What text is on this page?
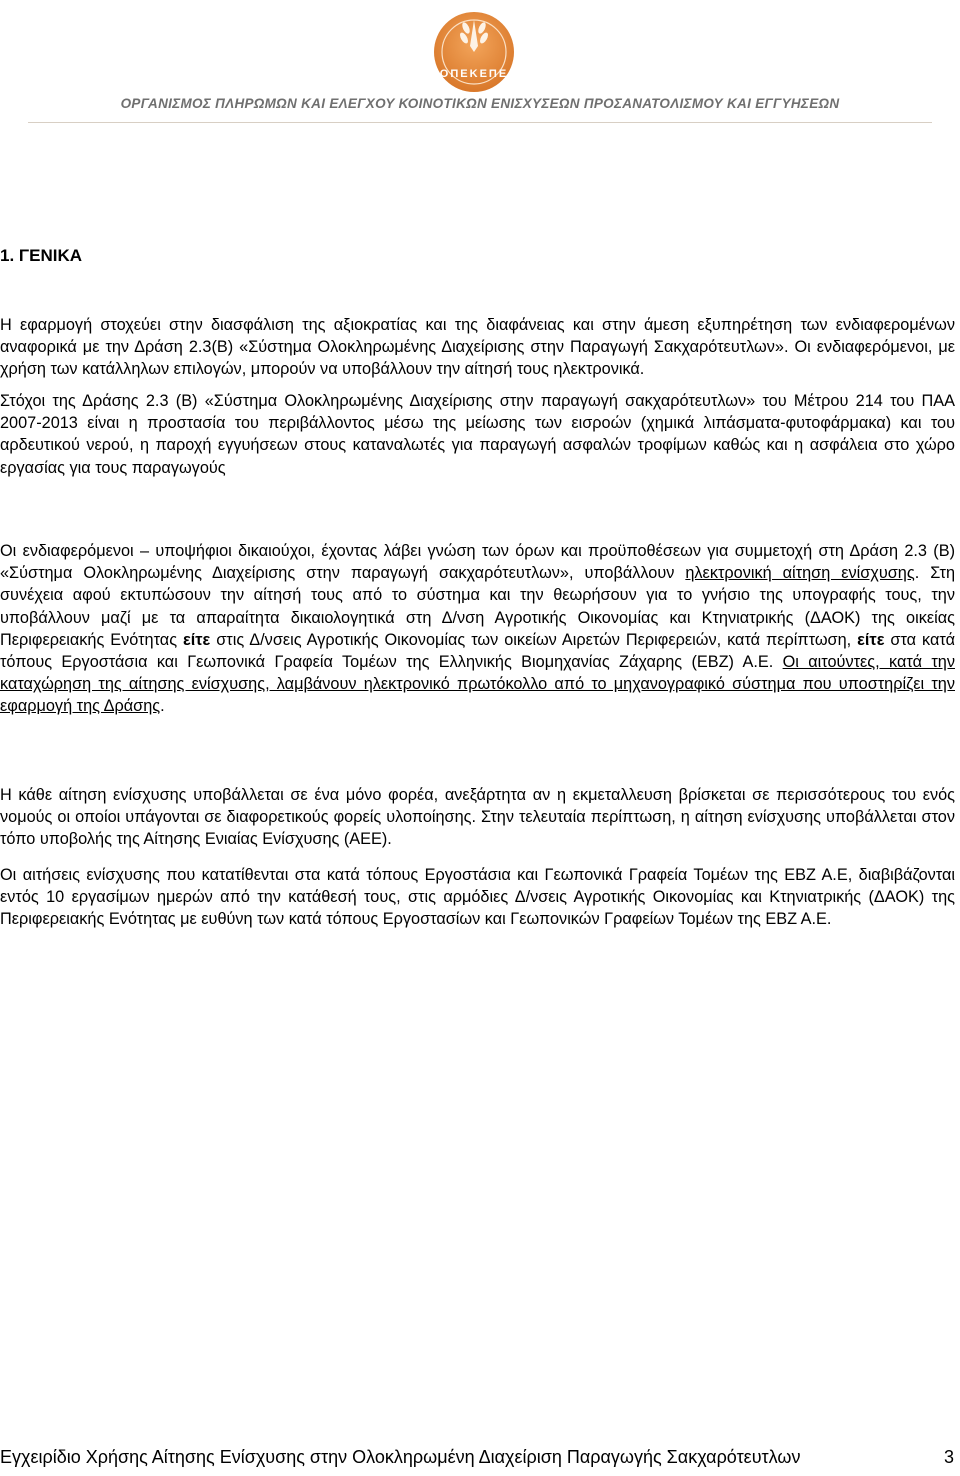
ΟΠΕΚΕΠΕ
ΟΡΓΑΝΙΣΜΟΣ ΠΛΗΡΩΜΩΝ ΚΑΙ ΕΛΕΓΧΟΥ ΚΟΙΝΟΤΙΚΩΝ ΕΝΙΣΧΥΣΕΩΝ ΠΡΟΣΑΝΑΤΟΛΙΣΜΟΥ ΚΑΙ ΕΓΓΥΗΣΕΩΝ
1. ΓΕΝΙΚΑ

Η εφαρμογή στοχεύει στην διασφάλιση της αξιοκρατίας και της διαφάνειας και στην άμεση εξυπηρέτηση των ενδιαφερομένων αναφορικά με την Δράση 2.3(Β) «Σύστημα Ολοκληρωμένης Διαχείρισης στην Παραγωγή Σακχαρότευτλων». Οι ενδιαφερόμενοι, με χρήση των κατάλληλων επιλογών, μπορούν να υποβάλλουν την αίτησή τους ηλεκτρονικά.

Στόχοι της Δράσης 2.3 (Β) «Σύστημα Ολοκληρωμένης Διαχείρισης στην παραγωγή σακχαρότευτλων» του Μέτρου 214 του ΠΑΑ 2007-2013 είναι η προστασία του περιβάλλοντος μέσω της μείωσης των εισροών (χημικά λιπάσματα-φυτοφάρμακα) και του αρδευτικού νερού, η παροχή εγγυήσεων στους καταναλωτές για παραγωγή ασφαλών τροφίμων καθώς και η ασφάλεια στο χώρο εργασίας για τους παραγωγούς

Οι ενδιαφερόμενοι – υποψήφιοι δικαιούχοι, έχοντας λάβει γνώση των όρων και προϋποθέσεων για συμμετοχή στη Δράση 2.3 (Β) «Σύστημα Ολοκληρωμένης Διαχείρισης στην παραγωγή σακχαρότευτλων», υποβάλλουν ηλεκτρονική αίτηση ενίσχυσης. Στη συνέχεια αφού εκτυπώσουν την αίτησή τους από το σύστημα και την θεωρήσουν για το γνήσιο της υπογραφής τους, την υποβάλλουν μαζί με τα απαραίτητα δικαιολογητικά στη Δ/νση Αγροτικής Οικονομίας και Κτηνιατρικής (ΔΑΟΚ) της οικείας Περιφερειακής Ενότητας είτε στις Δ/νσεις Αγροτικής Οικονομίας των οικείων Αιρετών Περιφερειών, κατά περίπτωση, είτε στα κατά τόπους Εργοστάσια και Γεωπονικά Γραφεία Τομέων της Ελληνικής Βιομηχανίας Ζάχαρης (ΕΒΖ) Α.Ε. Οι αιτούντες, κατά την καταχώρηση της αίτησης ενίσχυσης, λαμβάνουν ηλεκτρονικό πρωτόκολλο από το μηχανογραφικό σύστημα που υποστηρίζει την εφαρμογή της Δράσης.

Η κάθε αίτηση ενίσχυσης υποβάλλεται σε ένα μόνο φορέα, ανεξάρτητα αν η εκμεταλλευση βρίσκεται σε περισσότερους του ενός νομούς οι οποίοι υπάγονται σε διαφορετικούς φορείς υλοποίησης. Στην τελευταία περίπτωση, η αίτηση ενίσχυσης υποβάλλεται στον τόπο υποβολής της Αίτησης Ενιαίας Ενίσχυσης (ΑΕΕ).

Οι αιτήσεις ενίσχυσης που κατατίθενται στα κατά τόπους Εργοστάσια και Γεωπονικά Γραφεία Τομέων της ΕΒΖ Α.Ε, διαβιβάζονται εντός 10 εργασίμων ημερών από την κατάθεσή τους, στις αρμόδιες Δ/νσεις Αγροτικής Οικονομίας και Κτηνιατρικής (ΔΑΟΚ) της Περιφερειακής Ενότητας με ευθύνη των κατά τόπους Εργοστασίων και Γεωπονικών Γραφείων Τομέων της ΕΒΖ Α.Ε.

Εγχειρίδιο Χρήσης Αίτησης Ενίσχυσης στην Ολοκληρωμένη Διαχείριση Παραγωγής Σακχαρότευτλων	3
